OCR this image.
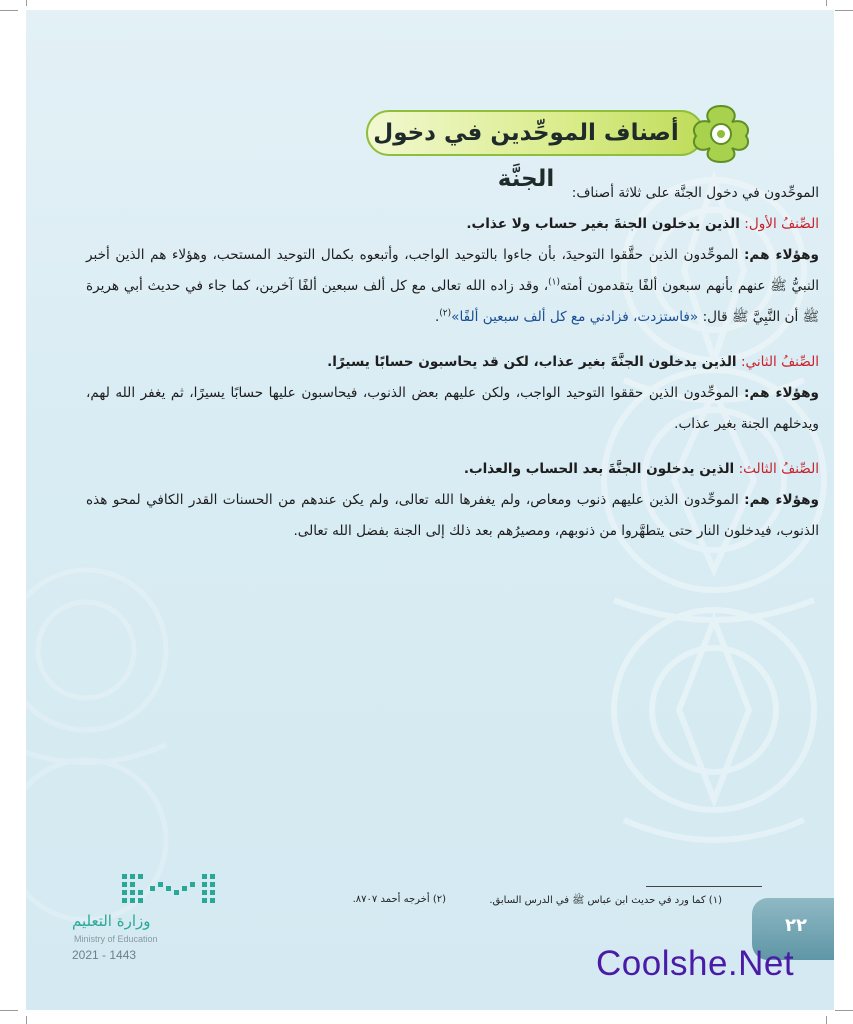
أصناف الموحِّدين في دخول الجنَّة

الموحِّدون في دخول الجنَّة على ثلاثة أصناف:

الصِّنفُ الأول: الذين يدخلون الجنةَ بغير حساب ولا عذاب.

وهؤلاء هم: الموحِّدون الذين حقَّقوا التوحيدَ، بأن جاءوا بالتوحيد الواجب، وأتبعوه بكمال التوحيد المستحب، وهؤلاء هم الذين أخبر النبيُّ ﷺ عنهم بأنهم سبعون ألفًا يتقدمون أمته$^{(١)}$، وقد زاده الله تعالى مع كل ألف سبعين ألفًا آخرين، كما جاء في حديث أبي هريرة ﷺ أن النَّبِيَّ ﷺ قال: «فاستزدت، فزادني مع كل ألف سبعين ألفًا»$^{(٢)}$.

الصِّنفُ الثاني: الذين يدخلون الجنَّةَ بغير عذاب، لكن قد يحاسبون حسابًا يسيرًا.

وهؤلاء هم: الموحِّدون الذين حققوا التوحيد الواجب، ولكن عليهم بعض الذنوب، فيحاسبون عليها حسابًا يسيرًا، ثم يغفر الله لهم، ويدخلهم الجنة بغير عذاب.

الصِّنفُ الثالث: الذين يدخلون الجنَّةَ بعد الحساب والعذاب.

وهؤلاء هم: الموحِّدون الذين عليهم ذنوب ومعاص، ولم يغفرها الله تعالى، ولم يكن عندهم من الحسنات القدر الكافي لمحو هذه الذنوب، فيدخلون النار حتى يتطهَّروا من ذنوبهم، ومصيرُهم بعد ذلك إلى الجنة بفضل الله تعالى.

(١) كما ورد في حديث ابن عباس ﷺ في الدرس السابق.
(٢) أخرجه أحمد ٨٧٠٧.
٢٢
وزارة التعليم
Ministry of Education
2021 - 1443	Coolshe.Net
